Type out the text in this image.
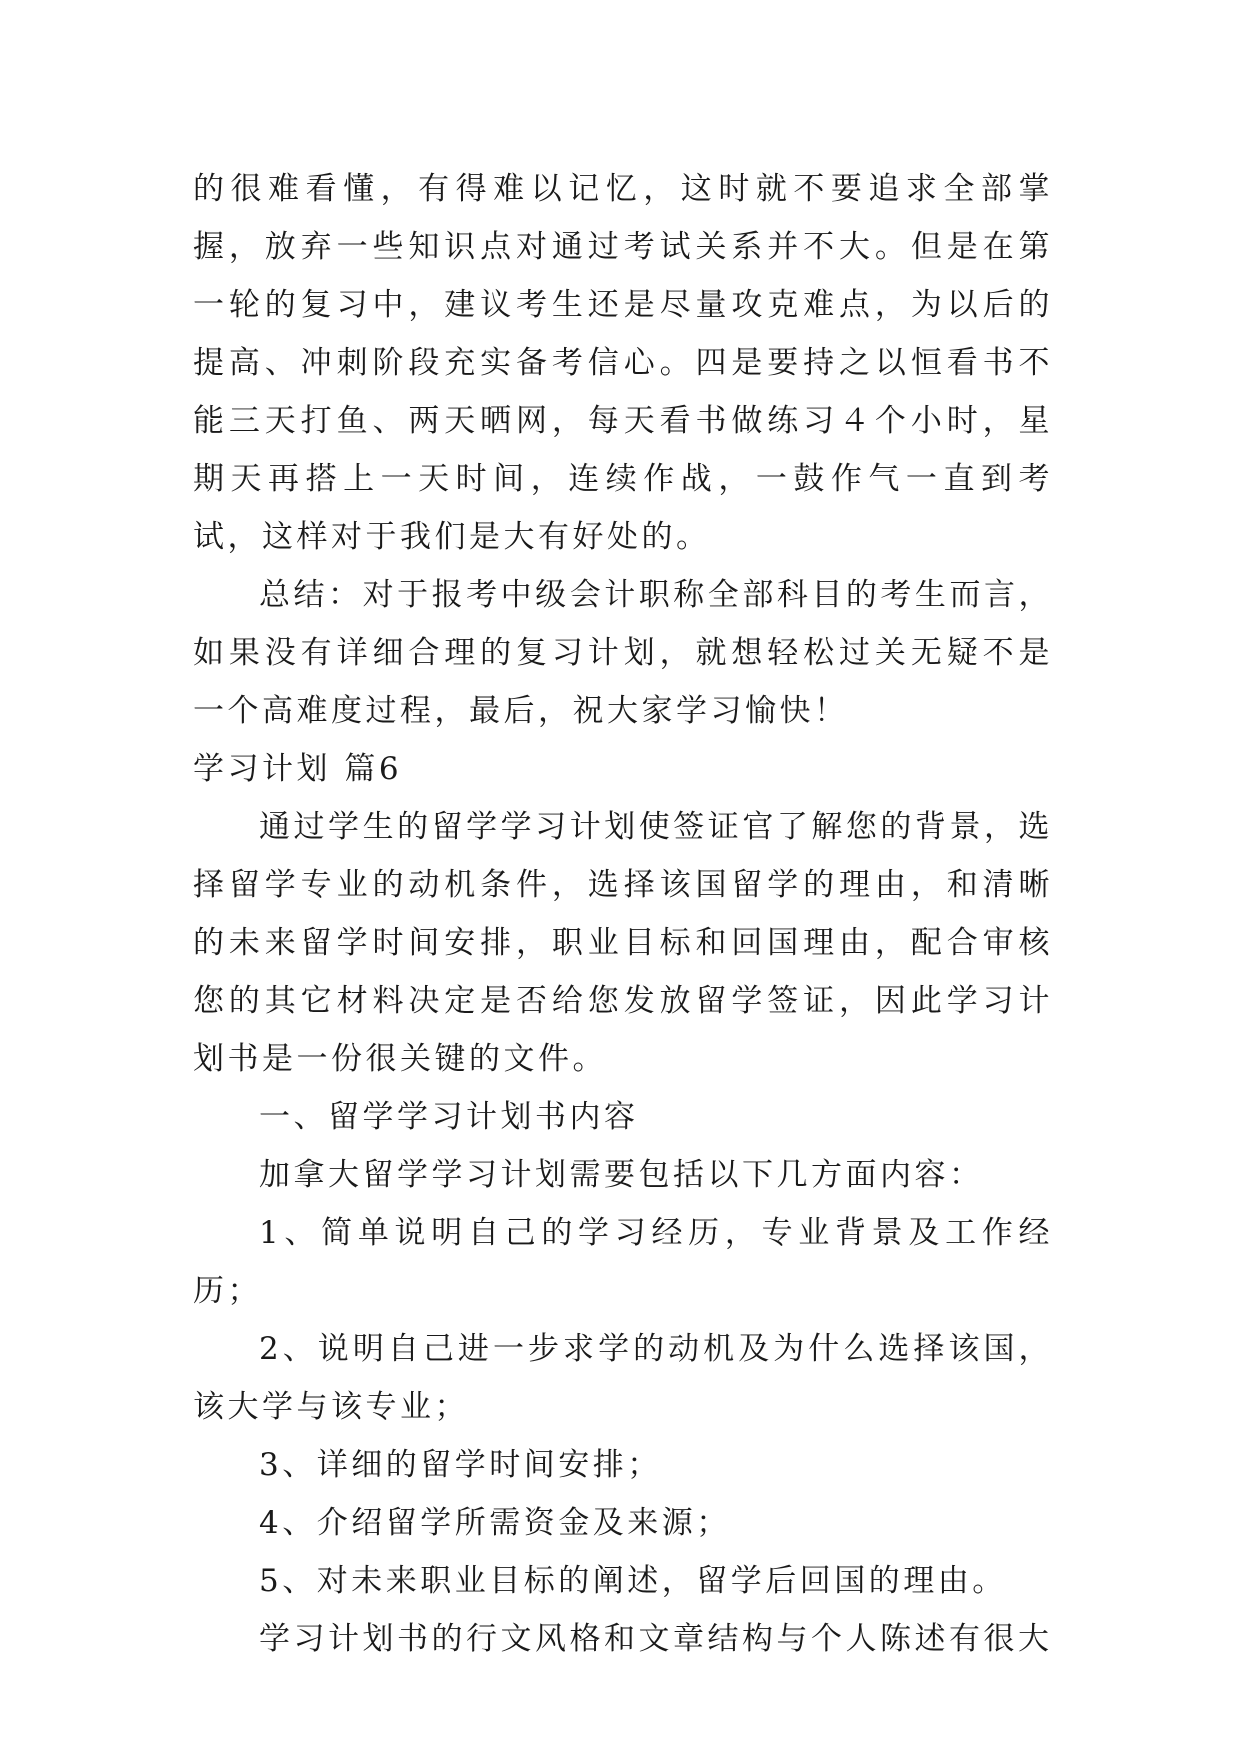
的很难看懂，有得难以记忆，这时就不要追求全部掌握，放弃一些知识点对通过考试关系并不大。但是在第一轮的复习中，建议考生还是尽量攻克难点，为以后的提高、冲刺阶段充实备考信心。四是要持之以恒看书不能三天打鱼、两天晒网，每天看书做练习４个小时，星期天再搭上一天时间，连续作战，一鼓作气一直到考试，这样对于我们是大有好处的。

总结：对于报考中级会计职称全部科目的考生而言，如果没有详细合理的复习计划，就想轻松过关无疑不是一个高难度过程，最后，祝大家学习愉快！

学习计划 篇6

通过学生的留学学习计划使签证官了解您的背景，选择留学专业的动机条件，选择该国留学的理由，和清晰的未来留学时间安排，职业目标和回国理由，配合审核您的其它材料决定是否给您发放留学签证，因此学习计划书是一份很关键的文件。

一、留学学习计划书内容

加拿大留学学习计划需要包括以下几方面内容：

1、简单说明自己的学习经历，专业背景及工作经历；

2、说明自己进一步求学的动机及为什么选择该国，该大学与该专业；

3、详细的留学时间安排；

4、介绍留学所需资金及来源；

5、对未来职业目标的阐述，留学后回国的理由。

学习计划书的行文风格和文章结构与个人陈述有很大
